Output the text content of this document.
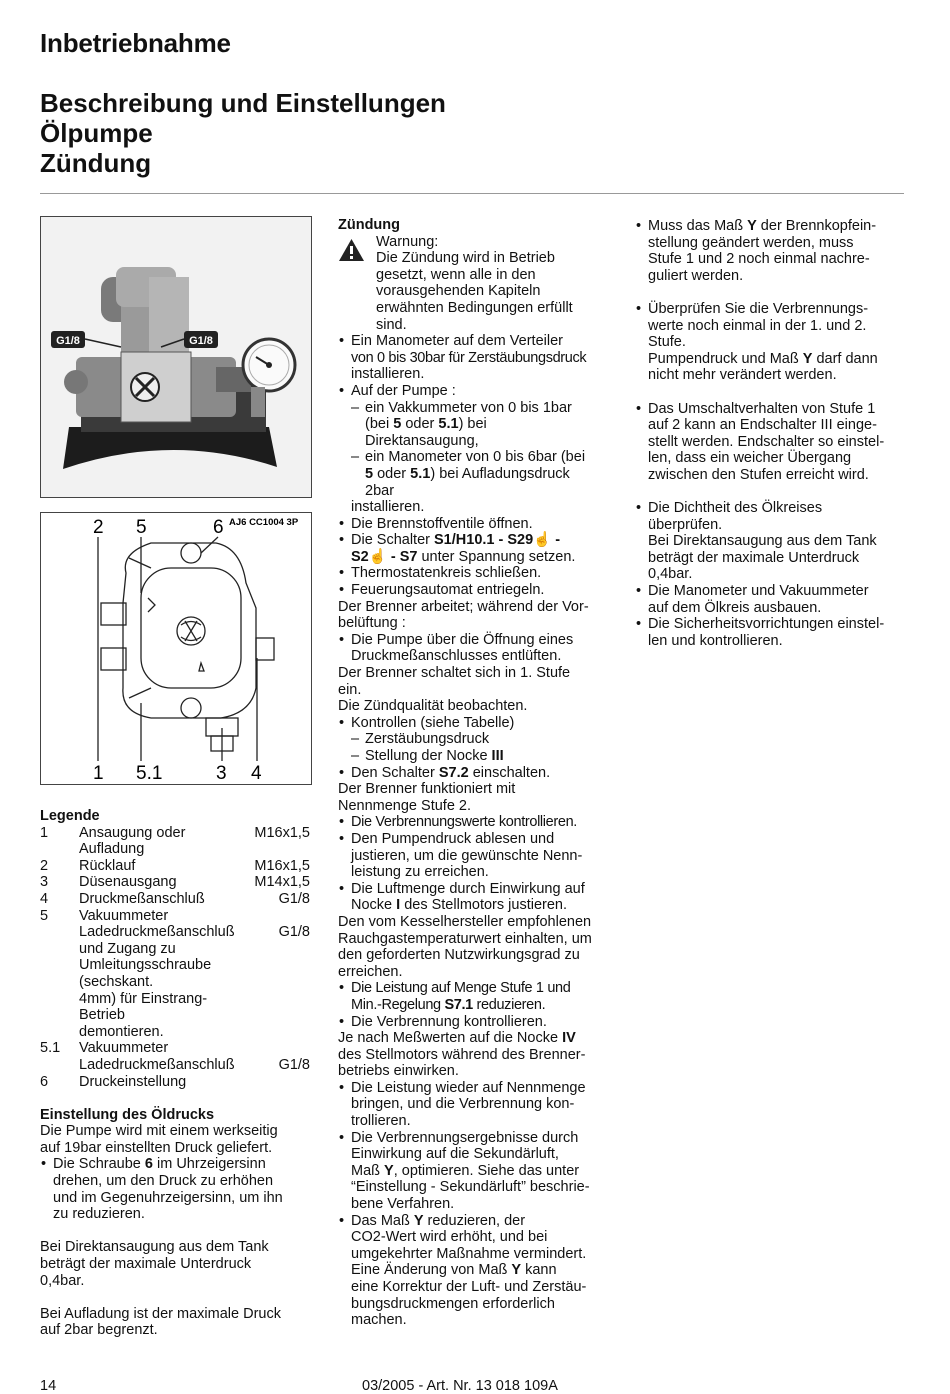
Inbetriebnahme
Beschreibung und Einstellungen
Ölpumpe
Zündung
G1/8	G1/8
AJ6 CC1004 3P
2 5	6
1 5.1	3 4

Legende

1	Ansaugung oder	M16x1,5
Aufladung
2	Rücklauf	M16x1,5
3	Düsenausgang	M14x1,5
4	Druckmeßanschluß	G1/8
5	Vakuummeter
Ladedruckmeßanschluß	G1/8
und Zugang zu
Umleitungsschraube (sechskant.
4mm) für Einstrang-Betrieb
demontieren.
5.1	Vakuummeter
Ladedruckmeßanschluß	G1/8
6	Druckeinstellung

Einstellung des Öldrucks

Die Pumpe wird mit einem werkseitig
auf 19bar einstellten Druck geliefert.

• Die Schraube 6 im Uhrzeigersinn
drehen, um den Druck zu erhöhen
und im Gegenuhrzeigersinn, um ihn
zu reduzieren.

Bei Direktansaugung aus dem Tank
beträgt der maximale Unterdruck
0,4bar.

Bei Aufladung ist der maximale Druck
auf 2bar begrenzt.

Zündung

Warnung:
Die Zündung wird in Betrieb
gesetzt, wenn alle in den
vorausgehenden Kapiteln
erwähnten Bedingungen erfüllt
sind.
• Ein Manometer auf dem Verteiler
von 0 bis 30bar für Zerstäubungsdruck
installieren.
• Auf der Pumpe :
– ein Vakkummeter von 0 bis 1bar
(bei 5 oder 5.1) bei
Direktansaugung,
– ein Manometer von 0 bis 6bar (bei
5 oder 5.1) bei Aufladungsdruck
2bar

installieren.

• Die Brennstoffventile öffnen.
• Die Schalter S1/H10.1 - S29☝ -
S2☝ - S7 unter Spannung setzen.
• Thermostatenkreis schließen.
• Feuerungsautomat entriegeln.

Der Brenner arbeitet; während der Vor-
belüftung :

• Die Pumpe über die Öffnung eines
Druckmeßanschlusses entlüften.

Der Brenner schaltet sich in 1. Stufe
ein.
Die Zündqualität beobachten.

• Kontrollen (siehe Tabelle)
– Zerstäubungsdruck
– Stellung der Nocke III
• Den Schalter S7.2 einschalten.

Der Brenner funktioniert mit
Nennmenge Stufe 2.

• Die Verbrennungswerte kontrollieren.
• Den Pumpendruck ablesen und
justieren, um die gewünschte Nenn-
leistung zu erreichen.
• Die Luftmenge durch Einwirkung auf
Nocke I des Stellmotors justieren.

Den vom Kesselhersteller empfohlenen
Rauchgastemperaturwert einhalten, um
den geforderten Nutzwirkungsgrad zu
erreichen.

• Die Leistung auf Menge Stufe 1 und
Min.-Regelung S7.1 reduzieren.
• Die Verbrennung kontrollieren.

Je nach Meßwerten auf die Nocke IV
des Stellmotors während des Brenner-
betriebs einwirken.

• Die Leistung wieder auf Nennmenge
bringen, und die Verbrennung kon-
trollieren.
• Die Verbrennungsergebnisse durch
Einwirkung auf die Sekundärluft,
Maß Y, optimieren. Siehe das unter
“Einstellung - Sekundärluft” beschrie-
bene Verfahren.
• Das Maß Y reduzieren, der
CO2-Wert wird erhöht, und bei
umgekehrter Maßnahme vermindert.
Eine Änderung von Maß Y kann
eine Korrektur der Luft- und Zerstäu-
bungsdruckmengen erforderlich
machen.
• Muss das Maß Y der Brennkopfein-
stellung geändert werden, muss
Stufe 1 und 2 noch einmal nachre-
guliert werden.
• Überprüfen Sie die Verbrennungs-
werte noch einmal in der 1. und 2.
Stufe.
Pumpendruck und Maß Y darf dann
nicht mehr verändert werden.
• Das Umschaltverhalten von Stufe 1
auf 2 kann an Endschalter III einge-
stellt werden. Endschalter so einstel-
len, dass ein weicher Übergang
zwischen den Stufen erreicht wird.
• Die Dichtheit des Ölkreises
überprüfen.
Bei Direktansaugung aus dem Tank
beträgt der maximale Unterdruck
0,4bar.
• Die Manometer und Vakuummeter
auf dem Ölkreis ausbauen.
• Die Sicherheitsvorrichtungen einstel-
len und kontrollieren.
14	03/2005 - Art. Nr. 13 018 109A
